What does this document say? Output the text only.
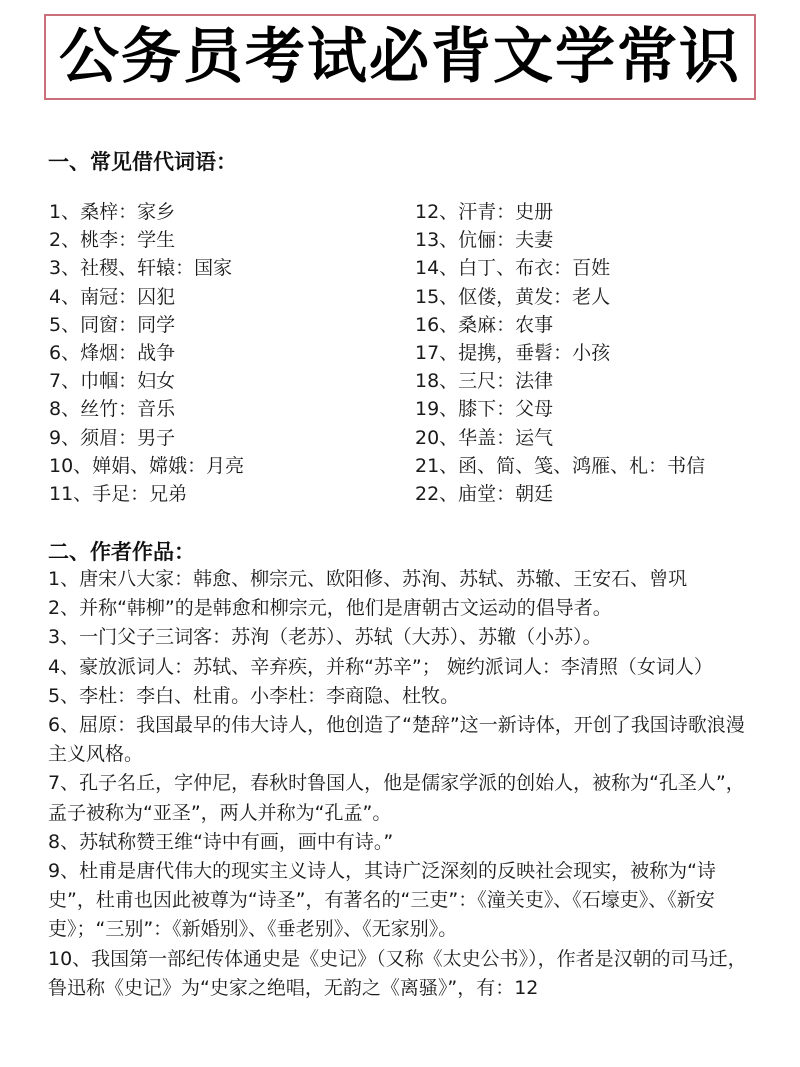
公务员考试必背文学常识
一、常见借代词语：
1、桑梓：家乡
2、桃李：学生
3、社稷、轩辕：国家
4、南冠：囚犯
5、同窗：同学
6、烽烟：战争
7、巾帼：妇女
8、丝竹：音乐
9、须眉：男子
10、婵娟、嫦娥：月亮
11、手足：兄弟
12、汗青：史册
13、伉俪：夫妻
14、白丁、布衣：百姓
15、伛偻，黄发：老人
16、桑麻：农事
17、提携，垂髫：小孩
18、三尺：法律
19、膝下：父母
20、华盖：运气
21、函、简、笺、鸿雁、札：书信
22、庙堂：朝廷
二、作者作品：

1、唐宋八大家：韩愈、柳宗元、欧阳修、苏洵、苏轼、苏辙、王安石、曾巩

2、并称“韩柳”的是韩愈和柳宗元，他们是唐朝古文运动的倡导者。

3、一门父子三词客：苏洵（老苏）、苏轼（大苏）、苏辙（小苏）。

4、豪放派词人：苏轼、辛弃疾，并称“苏辛”； 婉约派词人：李清照（女词人）

5、李杜：李白、杜甫。小李杜：李商隐、杜牧。

6、屈原：我国最早的伟大诗人，他创造了“楚辞”这一新诗体，开创了我国诗歌浪漫主义风格。

7、孔子名丘，字仲尼，春秋时鲁国人，他是儒家学派的创始人，被称为“孔圣人”，孟子被称为“亚圣”，两人并称为“孔孟”。

8、苏轼称赞王维“诗中有画，画中有诗。”

9、杜甫是唐代伟大的现实主义诗人，其诗广泛深刻的反映社会现实，被称为“诗史”，杜甫也因此被尊为“诗圣”，有著名的“三吏”：《潼关吏》、《石壕吏》、《新安吏》；“三别”：《新婚别》、《垂老别》、《无家别》。

10、我国第一部纪传体通史是《史记》（又称《太史公书》），作者是汉朝的司马迁，鲁迅称《史记》为“史家之绝唱，无韵之《离骚》”，有：12
